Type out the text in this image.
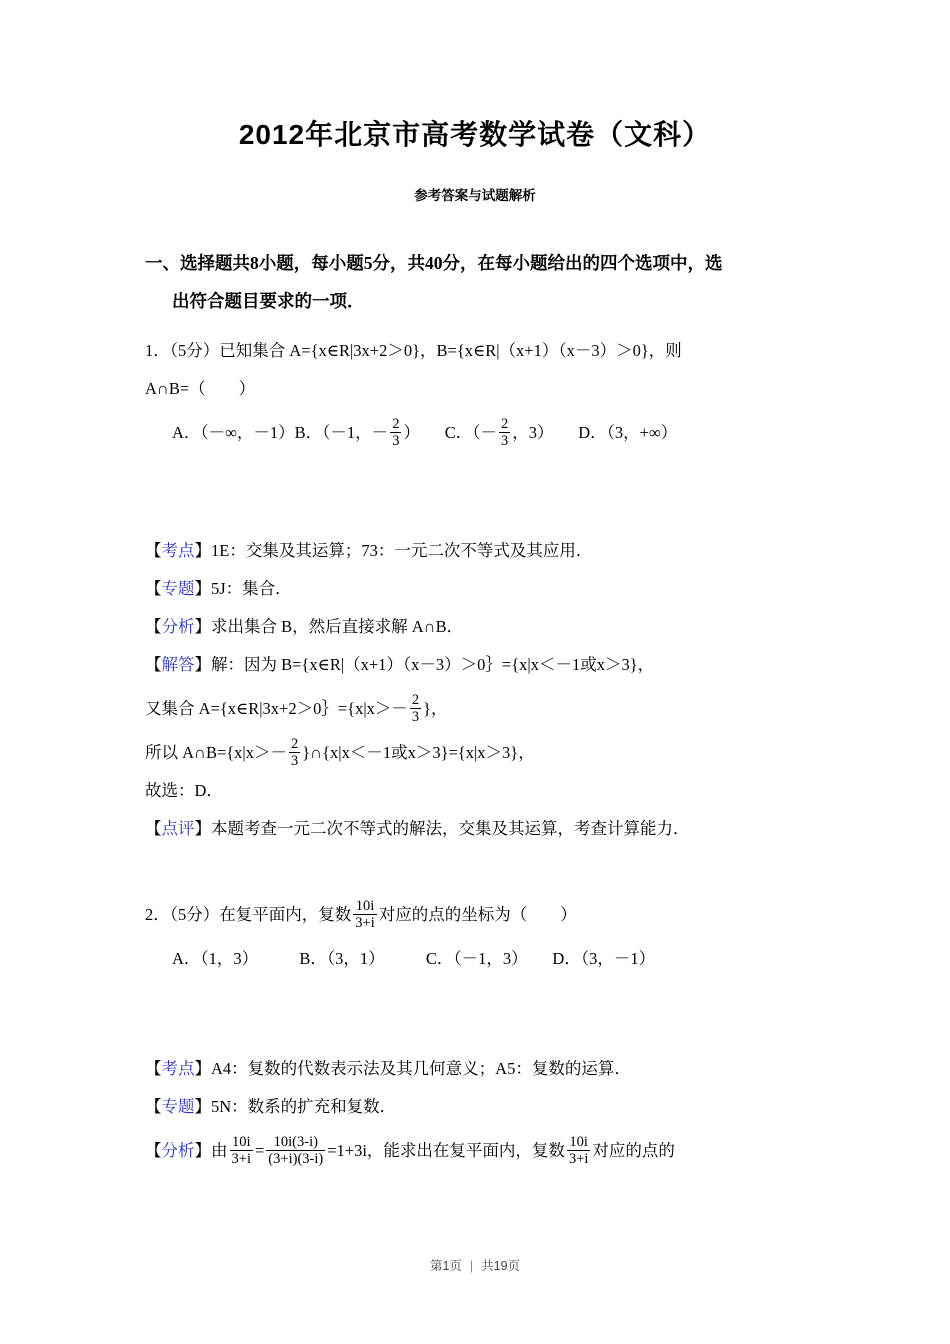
2012年北京市高考数学试卷（文科）
参考答案与试题解析
一、选择题共8小题，每小题5分，共40分，在每小题给出的四个选项中，选
出符合题目要求的一项．
1．（5分）已知集合 A={x∈R|3x+2＞0}，B={x∈R|（x+1）（x－3）＞0}，则
A∩B=（　　）
A．（－∞，－1）B．（－1，－ $\frac{2}{3}$ ）　　C．（－ $\frac{2}{3}$ ，3）　　D．（3，+∞）
【考点】1E：交集及其运算；73：一元二次不等式及其应用．
【专题】5J：集合．
【分析】求出集合 B，然后直接求解 A∩B．
【解答】解：因为 B={x∈R|（x+1）（x－3）＞0｝={x|x＜－1或x＞3}，
又集合 A={x∈R|3x+2＞0｝={x|x＞－ $\frac{2}{3}$ }，
所以 A∩B={x|x＞－ $\frac{2}{3}$ }∩{x|x＜－1或x＞3}={x|x＞3}，
故选：D．
【点评】本题考查一元二次不等式的解法，交集及其运算，考查计算能力．
2．（5分）在复平面内，复数 $\frac{10i}{3+i}$ 对应的点的坐标为（　　）
A．（1，3）　　　B．（3，1）　　　C．（－1，3）　　D．（3，－1）
【考点】A4：复数的代数表示法及其几何意义；A5：复数的运算．
【专题】5N：数系的扩充和复数．
【分析】由 $\frac{10i}{3+i} = \frac{10i(3-i)}{(3+i)(3-i)} =1+3i$，能求出在复平面内，复数 $\frac{10i}{3+i}$ 对应的点的
第1页 | 共19页
